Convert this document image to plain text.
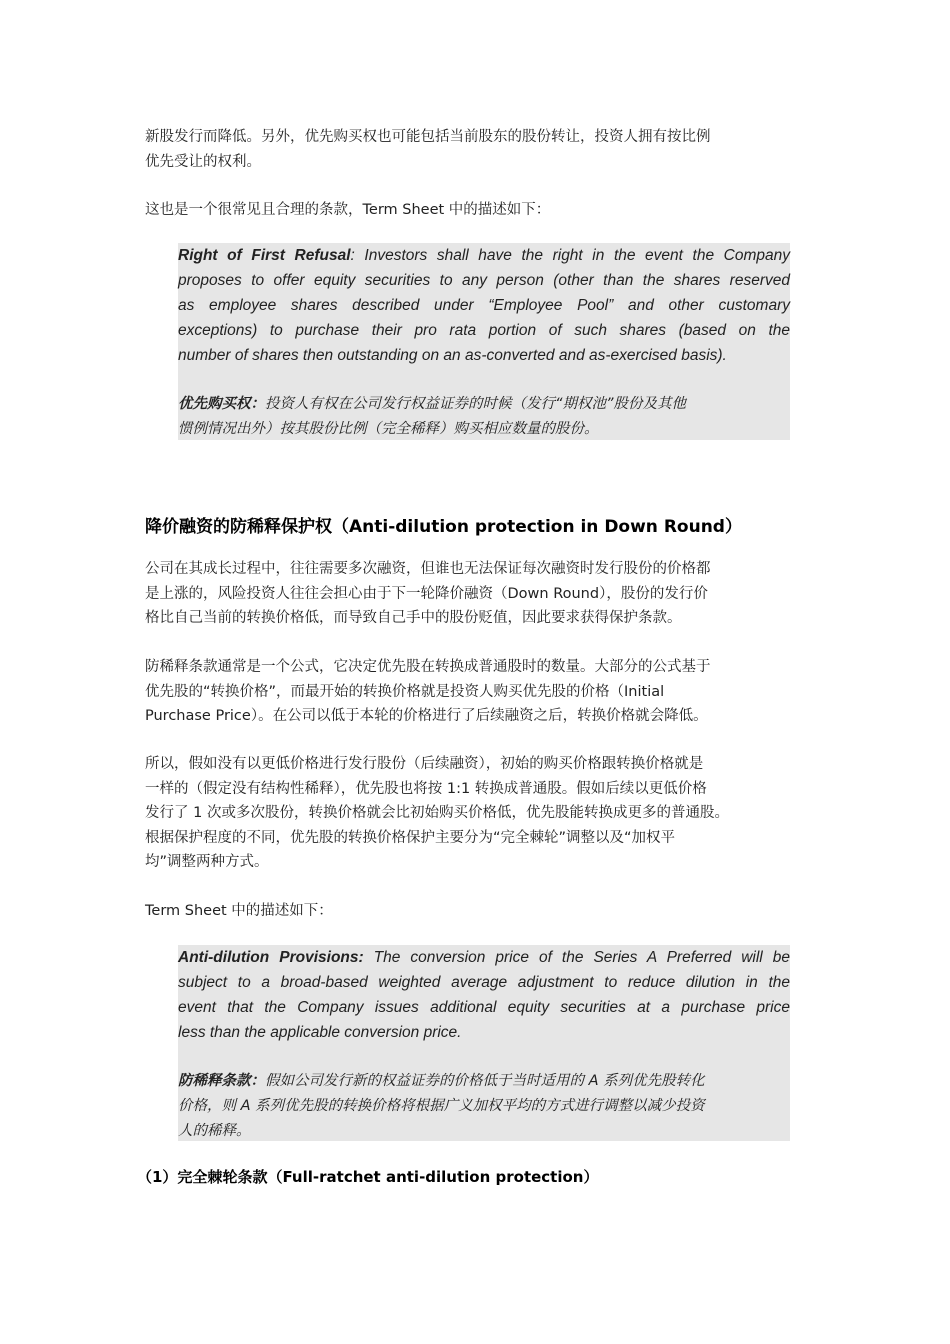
新股发行而降低。另外，优先购买权也可能包括当前股东的股份转让，投资人拥有按比例
优先受让的权利。

这也是一个很常见且合理的条款，Term Sheet 中的描述如下：

Right of First Refusal: Investors shall have the right in the event the Company
proposes to offer equity securities to any person (other than the shares reserved
as employee shares described under “Employee Pool” and other customary
exceptions) to purchase their pro rata portion of such shares (based on the
number of shares then outstanding on an as-converted and as-exercised basis).
优先购买权：投资人有权在公司发行权益证券的时候（发行“期权池”股份及其他
惯例情况出外）按其股份比例（完全稀释）购买相应数量的股份。
降价融资的防稀释保护权（Anti-dilution protection in Down Round）

公司在其成长过程中，往往需要多次融资，但谁也无法保证每次融资时发行股份的价格都
是上涨的，风险投资人往往会担心由于下一轮降价融资（Down Round），股份的发行价
格比自己当前的转换价格低，而导致自己手中的股份贬值，因此要求获得保护条款。

防稀释条款通常是一个公式，它决定优先股在转换成普通股时的数量。大部分的公式基于
优先股的“转换价格”，而最开始的转换价格就是投资人购买优先股的价格（Initial
Purchase Price）。在公司以低于本轮的价格进行了后续融资之后，转换价格就会降低。

所以，假如没有以更低价格进行发行股份（后续融资），初始的购买价格跟转换价格就是
一样的（假定没有结构性稀释），优先股也将按 1:1 转换成普通股。假如后续以更低价格
发行了 1 次或多次股份，转换价格就会比初始购买价格低，优先股能转换成更多的普通股。
根据保护程度的不同，优先股的转换价格保护主要分为“完全棘轮”调整以及“加权平
均”调整两种方式。

Term Sheet 中的描述如下：

Anti-dilution Provisions: The conversion price of the Series A Preferred will be
subject to a broad-based weighted average adjustment to reduce dilution in the
event that the Company issues additional equity securities at a purchase price
less than the applicable conversion price.
防稀释条款：假如公司发行新的权益证券的价格低于当时适用的 A 系列优先股转化
价格，则 A 系列优先股的转换价格将根据广义加权平均的方式进行调整以减少投资
人的稀释。
（1）完全棘轮条款（Full-ratchet anti-dilution protection）
